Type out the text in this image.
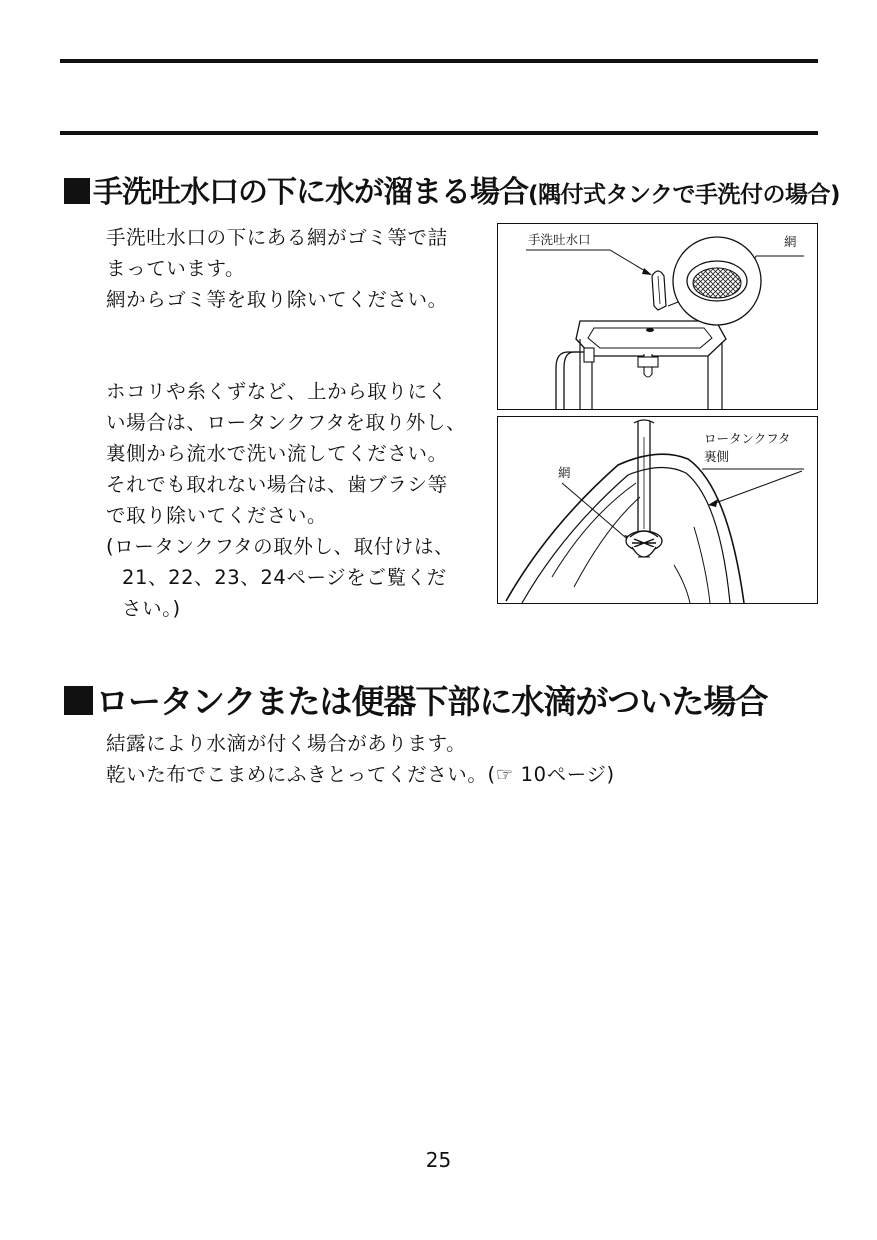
手洗吐水口の下に水が溜まる場合(隅付式タンクで手洗付の場合)
手洗吐水口の下にある網がゴミ等で詰
まっています。
網からゴミ等を取り除いてください。
ホコリや糸くずなど、上から取りにく
い場合は、ロータンクフタを取り外し、
裏側から流水で洗い流してください。
それでも取れない場合は、歯ブラシ等
で取り除いてください。
(ロータンクフタの取外し、取付けは、
21、22、23、24ページをご覧くだ
さい。)
手洗吐水口	網
ロータンクフタ
裏側
網
ロータンクまたは便器下部に水滴がついた場合
結露により水滴が付く場合があります。
乾いた布でこまめにふきとってください。(☞ 10ページ)
25
